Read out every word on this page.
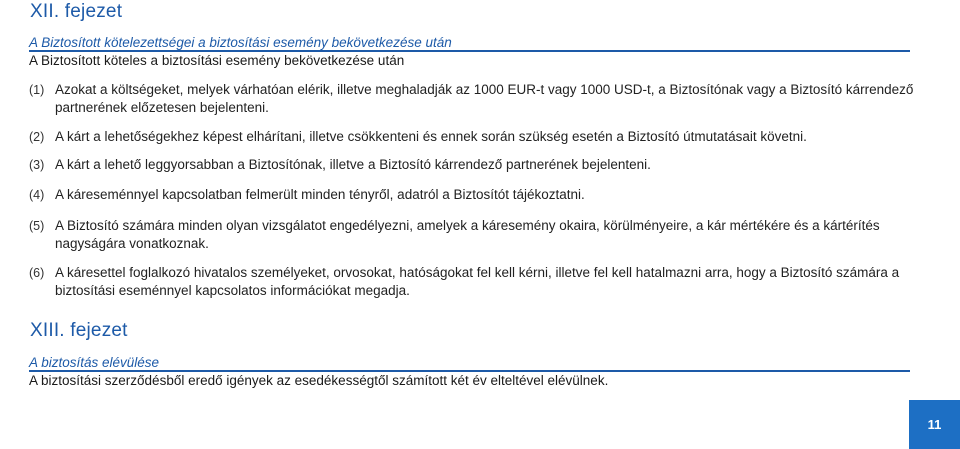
XII. fejezet
A Biztosított kötelezettségei a biztosítási esemény bekövetkezése után
A Biztosított köteles a biztosítási esemény bekövetkezése után
(1) Azokat a költségeket, melyek várhatóan elérik, illetve meghaladják az 1000 EUR-t vagy 1000 USD-t, a Biztosítónak vagy a Biztosító kárrendező partnerének előzetesen bejelenteni.
(2) A kárt a lehetőségekhez képest elhárítani, illetve csökkenteni és ennek során szükség esetén a Biztosító útmutatásait követni.
(3) A kárt a lehető leggyorsabban a Biztosítónak, illetve a Biztosító kárrendező partnerének bejelenteni.
(4) A káreseménnyel kapcsolatban felmerült minden tényről, adatról a Biztosítót tájékoztatni.
(5) A Biztosító számára minden olyan vizsgálatot engedélyezni, amelyek a káresemény okaira, körülményeire, a kár mértékére és a kártérítés nagyságára vonatkoznak.
(6) A káresettel foglalkozó hivatalos személyeket, orvosokat, hatóságokat fel kell kérni, illetve fel kell hatalmazni arra, hogy a Biztosító számára a biztosítási eseménnyel kapcsolatos információkat megadja.
XIII. fejezet
A biztosítás elévülése
A biztosítási szerződésből eredő igények az esedékességtől számított két év elteltével elévülnek.
11
